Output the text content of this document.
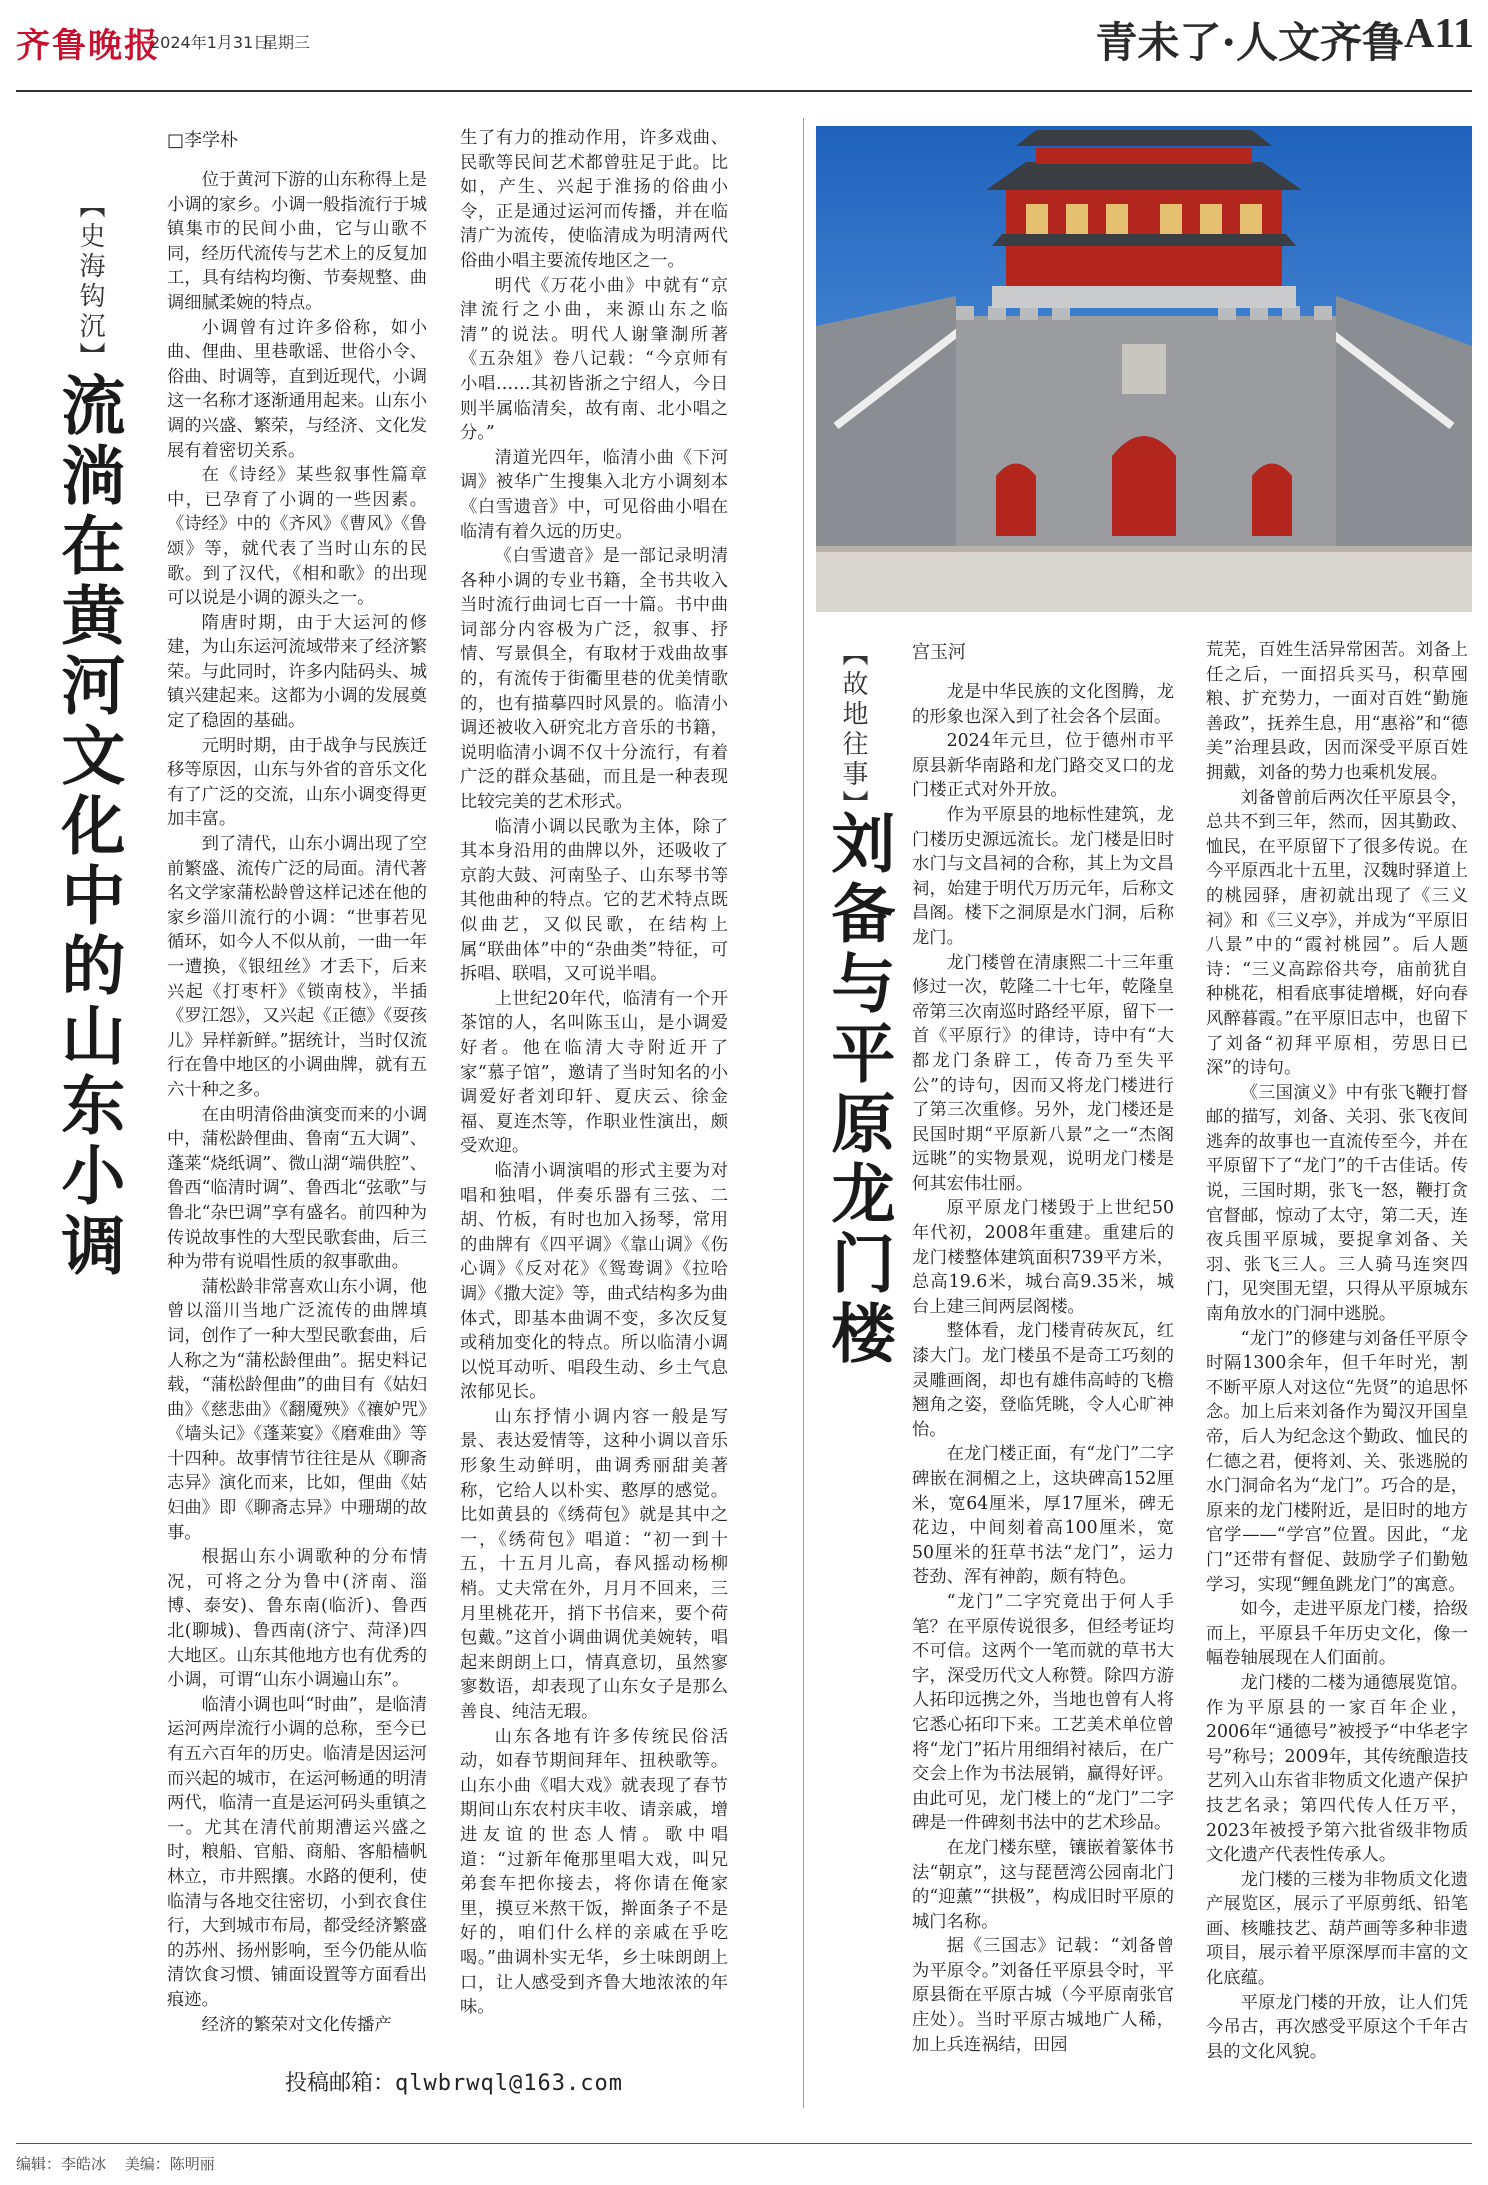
齐鲁晚报
2024年1月31日
星期三	青未了·人文齐鲁 A11
【史海钩沉】
流淌在黄河文化中的山东小调
□李学朴

位于黄河下游的山东称得上是小调的家乡。小调一般指流行于城镇集市的民间小曲，它与山歌不同，经历代流传与艺术上的反复加工，具有结构均衡、节奏规整、曲调细腻柔婉的特点。

小调曾有过许多俗称，如小曲、俚曲、里巷歌谣、世俗小令、俗曲、时调等，直到近现代，小调这一名称才逐渐通用起来。山东小调的兴盛、繁荣，与经济、文化发展有着密切关系。

在《诗经》某些叙事性篇章中，已孕育了小调的一些因素。《诗经》中的《齐风》《曹风》《鲁颂》等，就代表了当时山东的民歌。到了汉代，《相和歌》的出现可以说是小调的源头之一。

隋唐时期，由于大运河的修建，为山东运河流域带来了经济繁荣。与此同时，许多内陆码头、城镇兴建起来。这都为小调的发展奠定了稳固的基础。

元明时期，由于战争与民族迁移等原因，山东与外省的音乐文化有了广泛的交流，山东小调变得更加丰富。

到了清代，山东小调出现了空前繁盛、流传广泛的局面。清代著名文学家蒲松龄曾这样记述在他的家乡淄川流行的小调：“世事若见循环，如今人不似从前，一曲一年一遭换，《银纽丝》才丢下，后来兴起《打枣杆》《锁南枝》，半插《罗江怨》，又兴起《正德》《耍孩儿》异样新鲜。”据统计，当时仅流行在鲁中地区的小调曲牌，就有五六十种之多。

在由明清俗曲演变而来的小调中，蒲松龄俚曲、鲁南“五大调”、蓬莱“烧纸调”、微山湖“端供腔”、鲁西“临清时调”、鲁西北“弦歌”与鲁北“杂巴调”享有盛名。前四种为传说故事性的大型民歌套曲，后三种为带有说唱性质的叙事歌曲。

蒲松龄非常喜欢山东小调，他曾以淄川当地广泛流传的曲牌填词，创作了一种大型民歌套曲，后人称之为“蒲松龄俚曲”。据史料记载，“蒲松龄俚曲”的曲目有《姑妇曲》《慈悲曲》《翻魇殃》《禳妒咒》《墙头记》《蓬莱宴》《磨难曲》等十四种。故事情节往往是从《聊斋志异》演化而来，比如，俚曲《姑妇曲》即《聊斋志异》中珊瑚的故事。

根据山东小调歌种的分布情况，可将之分为鲁中(济南、淄博、泰安)、鲁东南(临沂)、鲁西北(聊城)、鲁西南(济宁、菏泽)四大地区。山东其他地方也有优秀的小调，可谓“山东小调遍山东”。

临清小调也叫“时曲”，是临清运河两岸流行小调的总称，至今已有五六百年的历史。临清是因运河而兴起的城市，在运河畅通的明清两代，临清一直是运河码头重镇之一。尤其在清代前期漕运兴盛之时，粮船、官船、商船、客船樯帆林立，市井熙攘。水路的便利，使临清与各地交往密切，小到衣食住行，大到城市布局，都受经济繁盛的苏州、扬州影响，至今仍能从临清饮食习惯、铺面设置等方面看出痕迹。

经济的繁荣对文化传播产

生了有力的推动作用，许多戏曲、民歌等民间艺术都曾驻足于此。比如，产生、兴起于淮扬的俗曲小令，正是通过运河而传播，并在临清广为流传，使临清成为明清两代俗曲小唱主要流传地区之一。

明代《万花小曲》中就有“京津流行之小曲，来源山东之临清”的说法。明代人谢肇淛所著《五杂俎》卷八记载：“今京师有小唱……其初皆浙之宁绍人，今日则半属临清矣，故有南、北小唱之分。”

清道光四年，临清小曲《下河调》被华广生搜集入北方小调刻本《白雪遗音》中，可见俗曲小唱在临清有着久远的历史。

《白雪遗音》是一部记录明清各种小调的专业书籍，全书共收入当时流行曲词七百一十篇。书中曲词部分内容极为广泛，叙事、抒情、写景俱全，有取材于戏曲故事的，有流传于街衢里巷的优美情歌的，也有描摹四时风景的。临清小调还被收入研究北方音乐的书籍，说明临清小调不仅十分流行，有着广泛的群众基础，而且是一种表现比较完美的艺术形式。

临清小调以民歌为主体，除了其本身沿用的曲牌以外，还吸收了京韵大鼓、河南坠子、山东琴书等其他曲种的特点。它的艺术特点既似曲艺，又似民歌，在结构上属“联曲体”中的“杂曲类”特征，可拆唱、联唱，又可说半唱。

上世纪20年代，临清有一个开茶馆的人，名叫陈玉山，是小调爱好者。他在临清大寺附近开了家“慕子馆”，邀请了当时知名的小调爱好者刘印轩、夏庆云、徐金福、夏连杰等，作职业性演出，颇受欢迎。

临清小调演唱的形式主要为对唱和独唱，伴奏乐器有三弦、二胡、竹板，有时也加入扬琴，常用的曲牌有《四平调》《靠山调》《伤心调》《反对花》《鸳鸯调》《拉哈调》《撒大淀》等，曲式结构多为曲体式，即基本曲调不变，多次反复或稍加变化的特点。所以临清小调以悦耳动听、唱段生动、乡土气息浓郁见长。

山东抒情小调内容一般是写景、表达爱情等，这种小调以音乐形象生动鲜明，曲调秀丽甜美著称，它给人以朴实、憨厚的感觉。比如黄县的《绣荷包》就是其中之一，《绣荷包》唱道：“初一到十五，十五月儿高，春风摇动杨柳梢。丈夫常在外，月月不回来，三月里桃花开，捎下书信来，要个荷包戴。”这首小调曲调优美婉转，唱起来朗朗上口，情真意切，虽然寥寥数语，却表现了山东女子是那么善良、纯洁无瑕。

山东各地有许多传统民俗活动，如春节期间拜年、扭秧歌等。山东小曲《唱大戏》就表现了春节期间山东农村庆丰收、请亲戚，增进友谊的世态人情。歌中唱道：“过新年俺那里唱大戏，叫兄弟套车把你接去，将你请在俺家里，摸豆米熬干饭，擀面条子不是好的，咱们什么样的亲戚在乎吃喝。”曲调朴实无华，乡土味朗朗上口，让人感受到齐鲁大地浓浓的年味。

【故地往事】
刘备与平原龙门楼
宫玉河

龙是中华民族的文化图腾，龙的形象也深入到了社会各个层面。

2024年元旦，位于德州市平原县新华南路和龙门路交叉口的龙门楼正式对外开放。

作为平原县的地标性建筑，龙门楼历史源远流长。龙门楼是旧时水门与文昌祠的合称，其上为文昌祠，始建于明代万历元年，后称文昌阁。楼下之洞原是水门洞，后称龙门。

龙门楼曾在清康熙二十三年重修过一次，乾隆二十七年，乾隆皇帝第三次南巡时路经平原，留下一首《平原行》的律诗，诗中有“大都龙门条辟工，传奇乃至失平公”的诗句，因而又将龙门楼进行了第三次重修。另外，龙门楼还是民国时期“平原新八景”之一“杰阁远眺”的实物景观，说明龙门楼是何其宏伟壮丽。

原平原龙门楼毁于上世纪50年代初，2008年重建。重建后的龙门楼整体建筑面积739平方米，总高19.6米，城台高9.35米，城台上建三间两层阁楼。

整体看，龙门楼青砖灰瓦，红漆大门。龙门楼虽不是奇工巧刻的灵雕画阁，却也有雄伟高峙的飞檐翘角之姿，登临凭眺，令人心旷神怡。

在龙门楼正面，有“龙门”二字碑嵌在洞楣之上，这块碑高152厘米，宽64厘米，厚17厘米，碑无花边，中间刻着高100厘米，宽50厘米的狂草书法“龙门”，运力苍劲、浑有神韵，颇有特色。

“龙门”二字究竟出于何人手笔？在平原传说很多，但经考证均不可信。这两个一笔而就的草书大字，深受历代文人称赞。除四方游人拓印远携之外，当地也曾有人将它悉心拓印下来。工艺美术单位曾将“龙门”拓片用细绢衬裱后，在广交会上作为书法展销，赢得好评。由此可见，龙门楼上的“龙门”二字碑是一件碑刻书法中的艺术珍品。

在龙门楼东壁，镶嵌着篆体书法“朝京”，这与琵琶湾公园南北门的“迎薰”“拱极”，构成旧时平原的城门名称。

据《三国志》记载：“刘备曾为平原令。”刘备任平原县令时，平原县衙在平原古城（今平原南张官庄处）。当时平原古城地广人稀，加上兵连祸结，田园

荒芜，百姓生活异常困苦。刘备上任之后，一面招兵买马，积草囤粮、扩充势力，一面对百姓“勤施善政”，抚养生息，用“惠裕”和“德美”治理县政，因而深受平原百姓拥戴，刘备的势力也乘机发展。

刘备曾前后两次任平原县令，总共不到三年，然而，因其勤政、恤民，在平原留下了很多传说。在今平原西北十五里，汉魏时驿道上的桃园驿，唐初就出现了《三义祠》和《三义亭》，并成为“平原旧八景”中的“霞衬桃园”。后人题诗：“三义高踪俗共夸，庙前犹自种桃花，相看底事徒增概，好向春风醉暮霞。”在平原旧志中，也留下了刘备“初拜平原相，劳思日已深”的诗句。

《三国演义》中有张飞鞭打督邮的描写，刘备、关羽、张飞夜间逃奔的故事也一直流传至今，并在平原留下了“龙门”的千古佳话。传说，三国时期，张飞一怒，鞭打贪官督邮，惊动了太守，第二天，连夜兵围平原城，要捉拿刘备、关羽、张飞三人。三人骑马连突四门，见突围无望，只得从平原城东南角放水的门洞中逃脱。

“龙门”的修建与刘备任平原令时隔1300余年，但千年时光，割不断平原人对这位“先贤”的追思怀念。加上后来刘备作为蜀汉开国皇帝，后人为纪念这个勤政、恤民的仁德之君，便将刘、关、张逃脱的水门洞命名为“龙门”。巧合的是，原来的龙门楼附近，是旧时的地方官学——“学宫”位置。因此，“龙门”还带有督促、鼓励学子们勤勉学习，实现“鲤鱼跳龙门”的寓意。

如今，走进平原龙门楼，拾级而上，平原县千年历史文化，像一幅卷轴展现在人们面前。

龙门楼的二楼为通德展览馆。作为平原县的一家百年企业，2006年“通德号”被授予“中华老字号”称号；2009年，其传统酿造技艺列入山东省非物质文化遗产保护技艺名录；第四代传人任万平，2023年被授予第六批省级非物质文化遗产代表性传承人。

龙门楼的三楼为非物质文化遗产展览区，展示了平原剪纸、铅笔画、核雕技艺、葫芦画等多种非遗项目，展示着平原深厚而丰富的文化底蕴。

平原龙门楼的开放，让人们凭今吊古，再次感受平原这个千年古县的文化风貌。

投稿邮箱：qlwbrwql@163.com
编辑：李皓冰 美编：陈明丽
